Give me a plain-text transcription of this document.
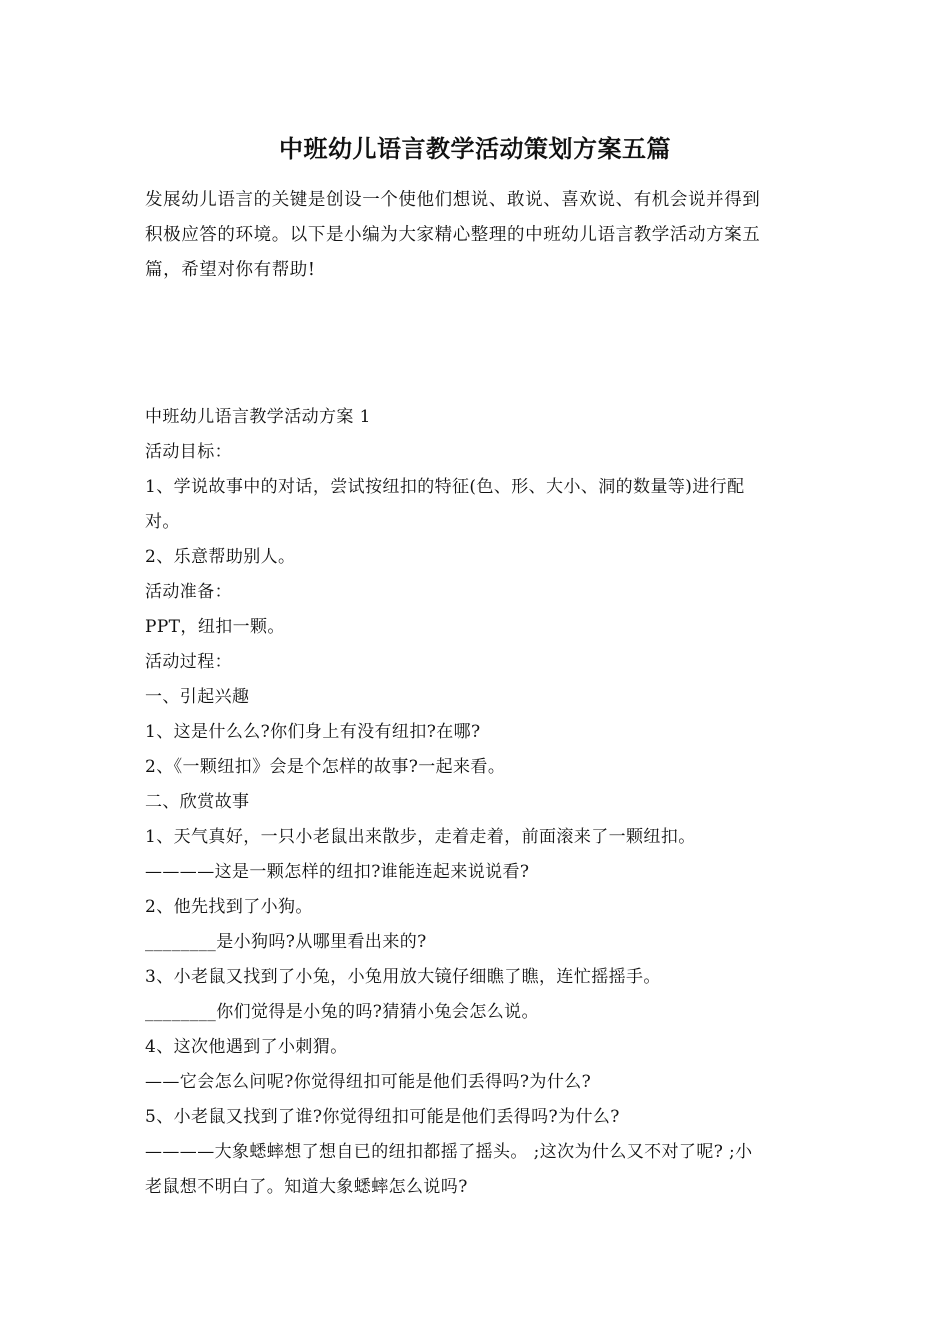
中班幼儿语言教学活动策划方案五篇

发展幼儿语言的关键是创设一个使他们想说、敢说、喜欢说、有机会说并得到

积极应答的环境。以下是小编为大家精心整理的中班幼儿语言教学活动方案五

篇，希望对你有帮助!

中班幼儿语言教学活动方案 1

活动目标：

1、学说故事中的对话，尝试按纽扣的特征(色、形、大小、洞的数量等)进行配

对。

2、乐意帮助别人。

活动准备：

PPT，纽扣一颗。

活动过程：

一、引起兴趣

1、这是什么么?你们身上有没有纽扣?在哪?

2、《一颗纽扣》会是个怎样的故事?一起来看。

二、欣赏故事

1、天气真好，一只小老鼠出来散步，走着走着，前面滚来了一颗纽扣。

————这是一颗怎样的纽扣?谁能连起来说说看?

2、他先找到了小狗。

________是小狗吗?从哪里看出来的?

3、小老鼠又找到了小兔，小兔用放大镜仔细瞧了瞧，连忙摇摇手。

________你们觉得是小兔的吗?猜猜小兔会怎么说。

4、这次他遇到了小刺猬。

——它会怎么问呢?你觉得纽扣可能是他们丢得吗?为什么?

5、小老鼠又找到了谁?你觉得纽扣可能是他们丢得吗?为什么?

————大象蟋蟀想了想自已的纽扣都摇了摇头。 ;这次为什么又不对了呢? ;小

老鼠想不明白了。知道大象蟋蟀怎么说吗?
